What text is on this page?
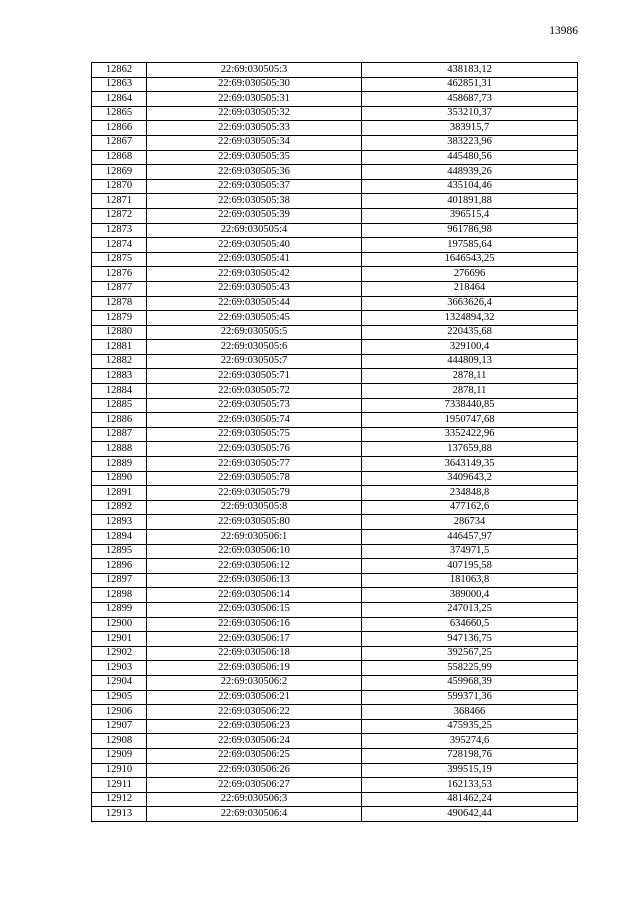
13986
12862	22:69:030505:3	438183,12
12863	22:69:030505:30	462851,31
12864	22:69:030505:31	458687,73
12865	22:69:030505:32	353210,37
12866	22:69:030505:33	383915,7
12867	22:69:030505:34	383223,96
12868	22:69:030505:35	445480,56
12869	22:69:030505:36	448939,26
12870	22:69:030505:37	435104,46
12871	22:69:030505:38	401891,88
12872	22:69:030505:39	396515,4
12873	22:69:030505:4	961786,98
12874	22:69:030505:40	197585,64
12875	22:69:030505:41	1646543,25
12876	22:69:030505:42	276696
12877	22:69:030505:43	218464
12878	22:69:030505:44	3663626,4
12879	22:69:030505:45	1324894,32
12880	22:69:030505:5	220435,68
12881	22:69:030505:6	329100,4
12882	22:69:030505:7	444809,13
12883	22:69:030505:71	2878,11
12884	22:69:030505:72	2878,11
12885	22:69:030505:73	7338440,85
12886	22:69:030505:74	1950747,68
12887	22:69:030505:75	3352422,96
12888	22:69:030505:76	137659,88
12889	22:69:030505:77	3643149,35
12890	22:69:030505:78	3409643,2
12891	22:69:030505:79	234848,8
12892	22:69:030505:8	477162,6
12893	22:69:030505:80	286734
12894	22:69:030506:1	446457,97
12895	22:69:030506:10	374971,5
12896	22:69:030506:12	407195,58
12897	22:69:030506:13	181063,8
12898	22:69:030506:14	389000,4
12899	22:69:030506:15	247013,25
12900	22:69:030506:16	634660,5
12901	22:69:030506:17	947136,75
12902	22:69:030506:18	392567,25
12903	22:69:030506:19	558225,99
12904	22:69:030506:2	459968,39
12905	22:69:030506:21	599371,36
12906	22:69:030506:22	368466
12907	22:69:030506:23	475935,25
12908	22:69:030506:24	395274,6
12909	22:69:030506:25	728198,76
12910	22:69:030506:26	399515,19
12911	22:69:030506:27	162133,53
12912	22:69:030506:3	481462,24
12913	22:69:030506:4	490642,44
